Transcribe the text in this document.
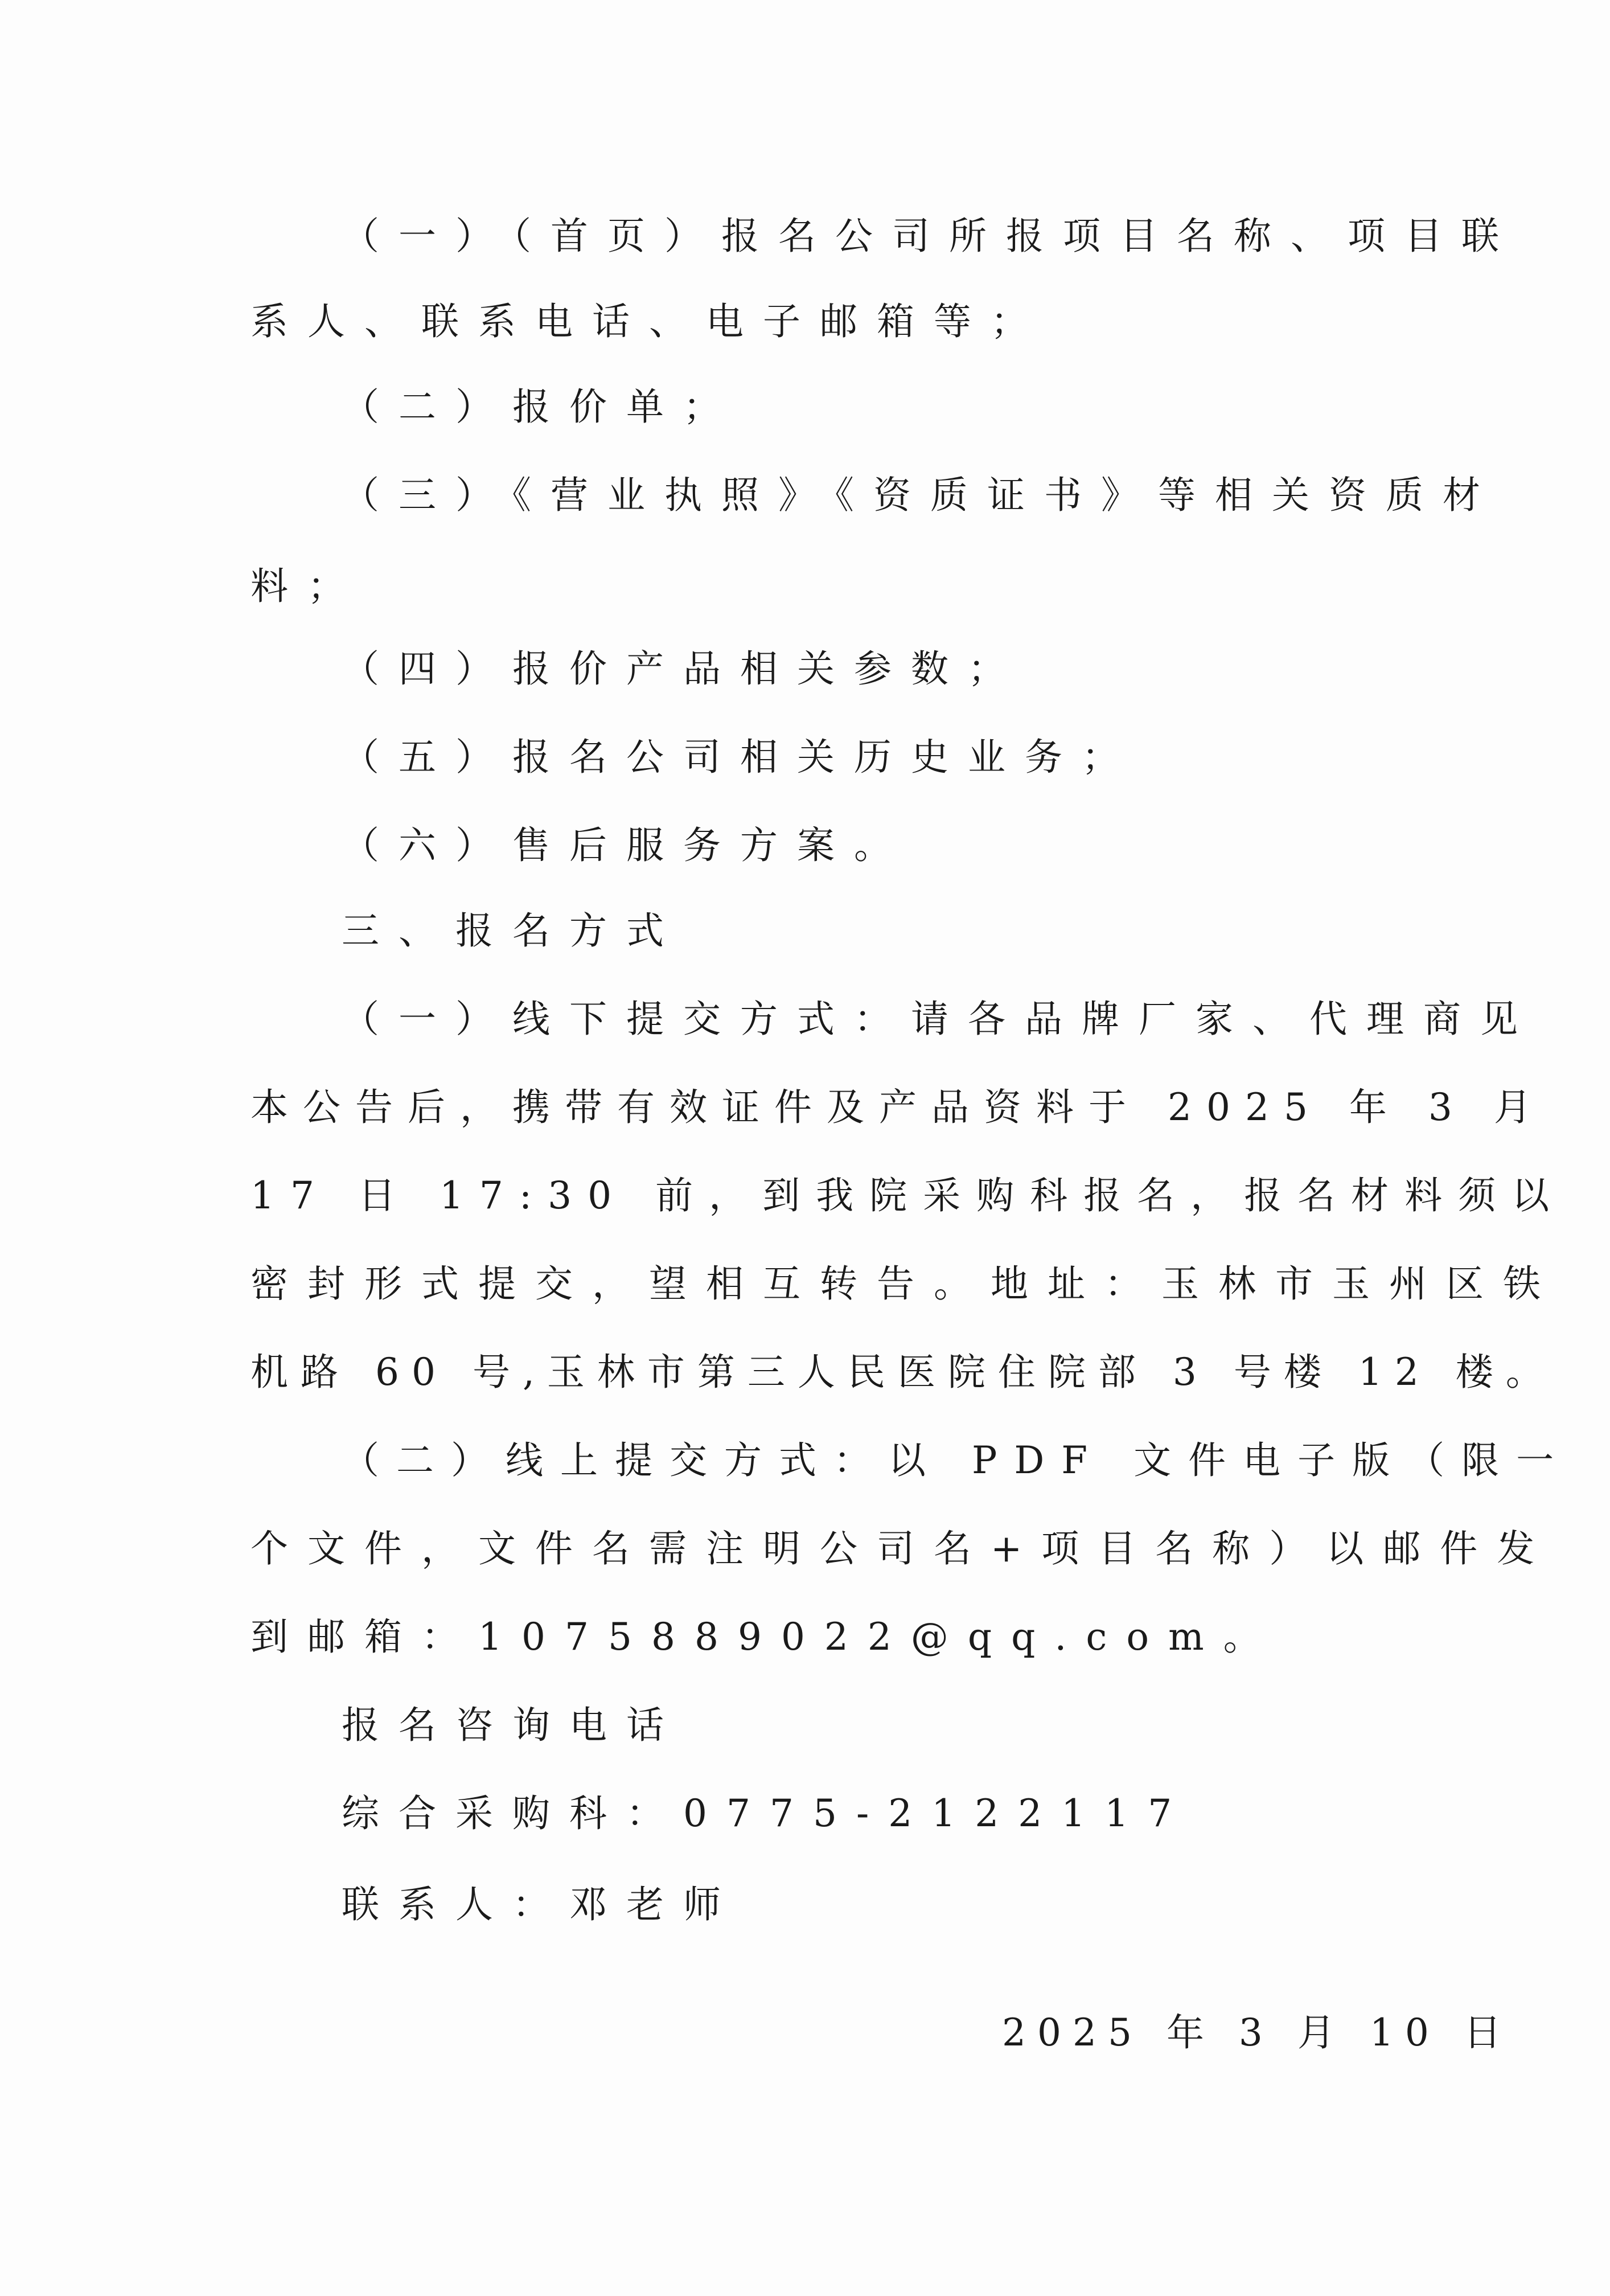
（一）（首页）报名公司所报项目名称、项目联
系人、联系电话、电子邮箱等；
（二）报价单；
（三）《营业执照》《资质证书》等相关资质材
料；
（四）报价产品相关参数；
（五）报名公司相关历史业务；
（六）售后服务方案。
三、报名方式
（一）线下提交方式：请各品牌厂家、代理商见
本公告后，携带有效证件及产品资料于 2025 年 3 月
17 日 17:30 前，到我院采购科报名，报名材料须以
密封形式提交，望相互转告。地址：玉林市玉州区铁
机路 60 号,玉林市第三人民医院住院部 3 号楼 12 楼。
（二）线上提交方式：以 PDF 文件电子版（限一
个文件，文件名需注明公司名+项目名称）以邮件发
到邮箱：1075889022@qq.com。
报名咨询电话
综合采购科：0775-2122117
联系人：邓老师
2025 年 3 月 10 日
